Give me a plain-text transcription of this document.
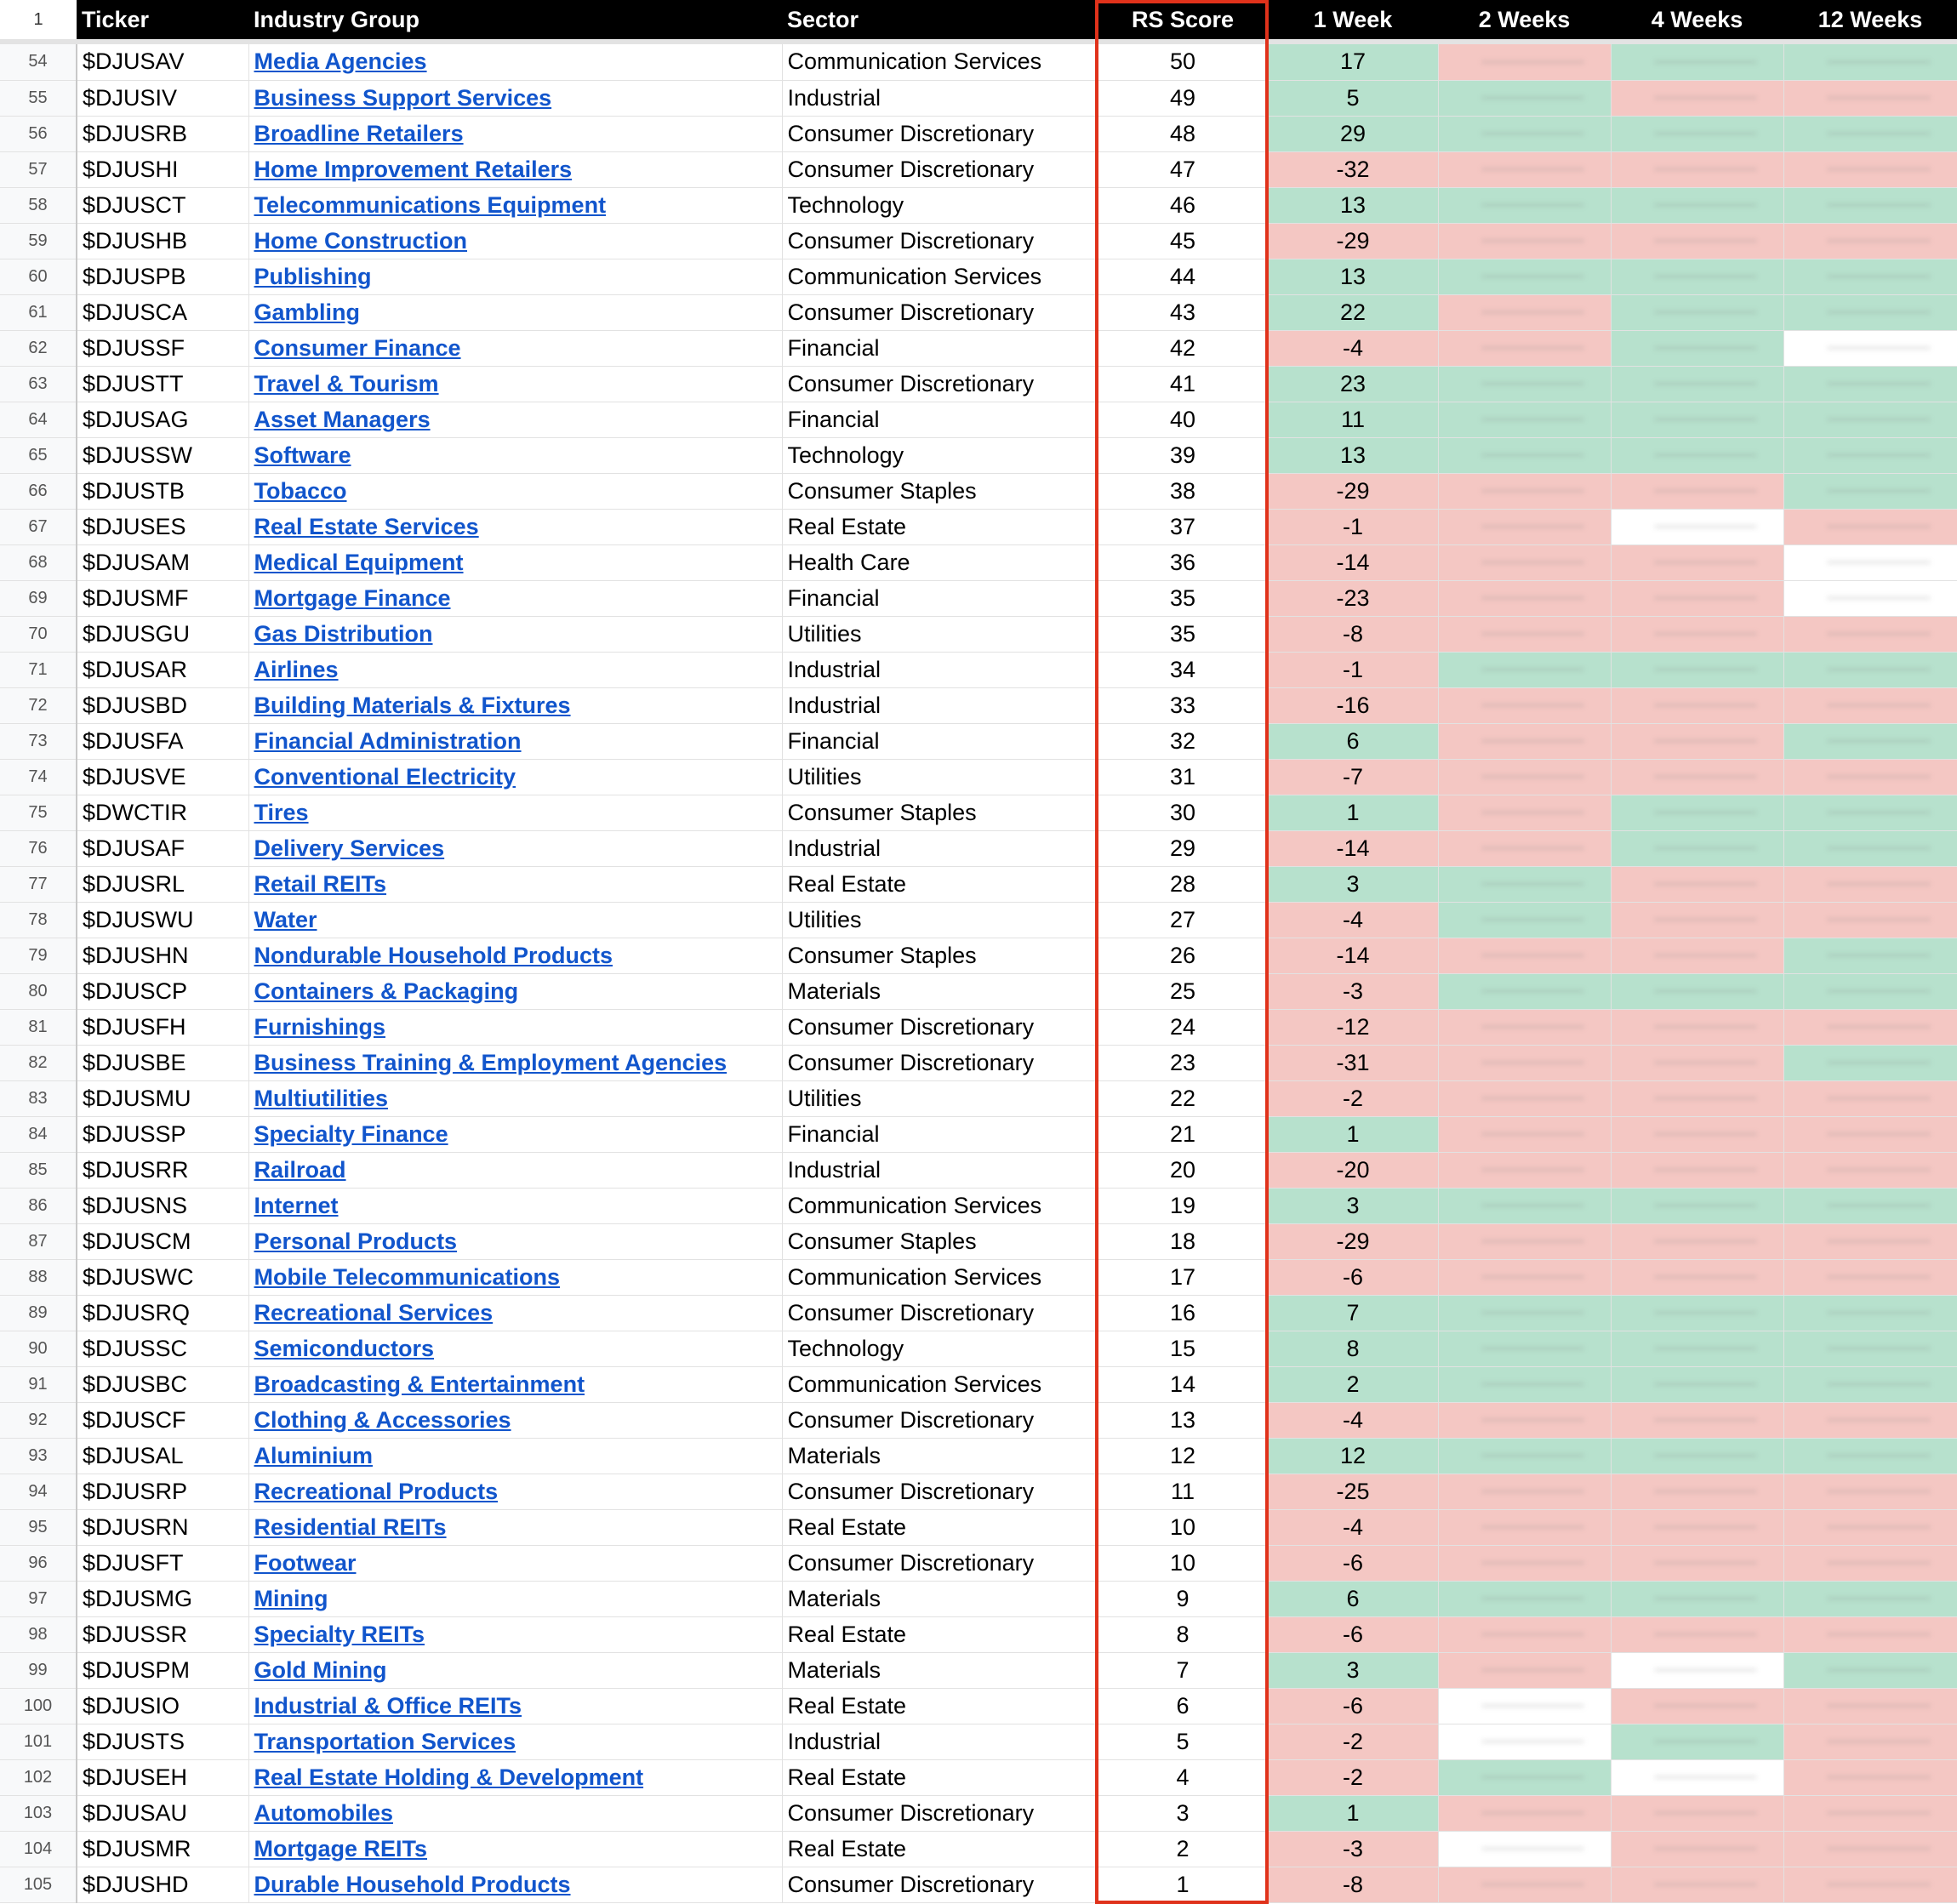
1	Ticker	Industry Group	Sector	RS Score	1 Week	2 Weeks	4 Weeks	12 Weeks

54	$DJUSAV	Media Agencies	Communication Services	50	17	

55	$DJUSIV	Business Support Services	Industrial	49	5	

56	$DJUSRB	Broadline Retailers	Consumer Discretionary	48	29	

57	$DJUSHI	Home Improvement Retailers	Consumer Discretionary	47	-32	

58	$DJUSCT	Telecommunications Equipment	Technology	46	13	

59	$DJUSHB	Home Construction	Consumer Discretionary	45	-29	

60	$DJUSPB	Publishing	Communication Services	44	13	

61	$DJUSCA	Gambling	Consumer Discretionary	43	22	

62	$DJUSSF	Consumer Finance	Financial	42	-4	

63	$DJUSTT	Travel & Tourism	Consumer Discretionary	41	23	

64	$DJUSAG	Asset Managers	Financial	40	11	

65	$DJUSSW	Software	Technology	39	13	

66	$DJUSTB	Tobacco	Consumer Staples	38	-29	

67	$DJUSES	Real Estate Services	Real Estate	37	-1	

68	$DJUSAM	Medical Equipment	Health Care	36	-14	

69	$DJUSMF	Mortgage Finance	Financial	35	-23	

70	$DJUSGU	Gas Distribution	Utilities	35	-8	

71	$DJUSAR	Airlines	Industrial	34	-1	

72	$DJUSBD	Building Materials & Fixtures	Industrial	33	-16	

73	$DJUSFA	Financial Administration	Financial	32	6	

74	$DJUSVE	Conventional Electricity	Utilities	31	-7	

75	$DWCTIR	Tires	Consumer Staples	30	1	

76	$DJUSAF	Delivery Services	Industrial	29	-14	

77	$DJUSRL	Retail REITs	Real Estate	28	3	

78	$DJUSWU	Water	Utilities	27	-4	

79	$DJUSHN	Nondurable Household Products	Consumer Staples	26	-14	

80	$DJUSCP	Containers & Packaging	Materials	25	-3	

81	$DJUSFH	Furnishings	Consumer Discretionary	24	-12	

82	$DJUSBE	Business Training & Employment Agencies	Consumer Discretionary	23	-31	

83	$DJUSMU	Multiutilities	Utilities	22	-2	

84	$DJUSSP	Specialty Finance	Financial	21	1	

85	$DJUSRR	Railroad	Industrial	20	-20	

86	$DJUSNS	Internet	Communication Services	19	3	

87	$DJUSCM	Personal Products	Consumer Staples	18	-29	

88	$DJUSWC	Mobile Telecommunications	Communication Services	17	-6	

89	$DJUSRQ	Recreational Services	Consumer Discretionary	16	7	

90	$DJUSSC	Semiconductors	Technology	15	8	

91	$DJUSBC	Broadcasting & Entertainment	Communication Services	14	2	

92	$DJUSCF	Clothing & Accessories	Consumer Discretionary	13	-4	

93	$DJUSAL	Aluminium	Materials	12	12	

94	$DJUSRP	Recreational Products	Consumer Discretionary	11	-25	

95	$DJUSRN	Residential REITs	Real Estate	10	-4	

96	$DJUSFT	Footwear	Consumer Discretionary	10	-6	

97	$DJUSMG	Mining	Materials	9	6	

98	$DJUSSR	Specialty REITs	Real Estate	8	-6	

99	$DJUSPM	Gold Mining	Materials	7	3	

100	$DJUSIO	Industrial & Office REITs	Real Estate	6	-6	

101	$DJUSTS	Transportation Services	Industrial	5	-2	

102	$DJUSEH	Real Estate Holding & Development	Real Estate	4	-2	

103	$DJUSAU	Automobiles	Consumer Discretionary	3	1	

104	$DJUSMR	Mortgage REITs	Real Estate	2	-3	

105	$DJUSHD	Durable Household Products	Consumer Discretionary	1	-8	
